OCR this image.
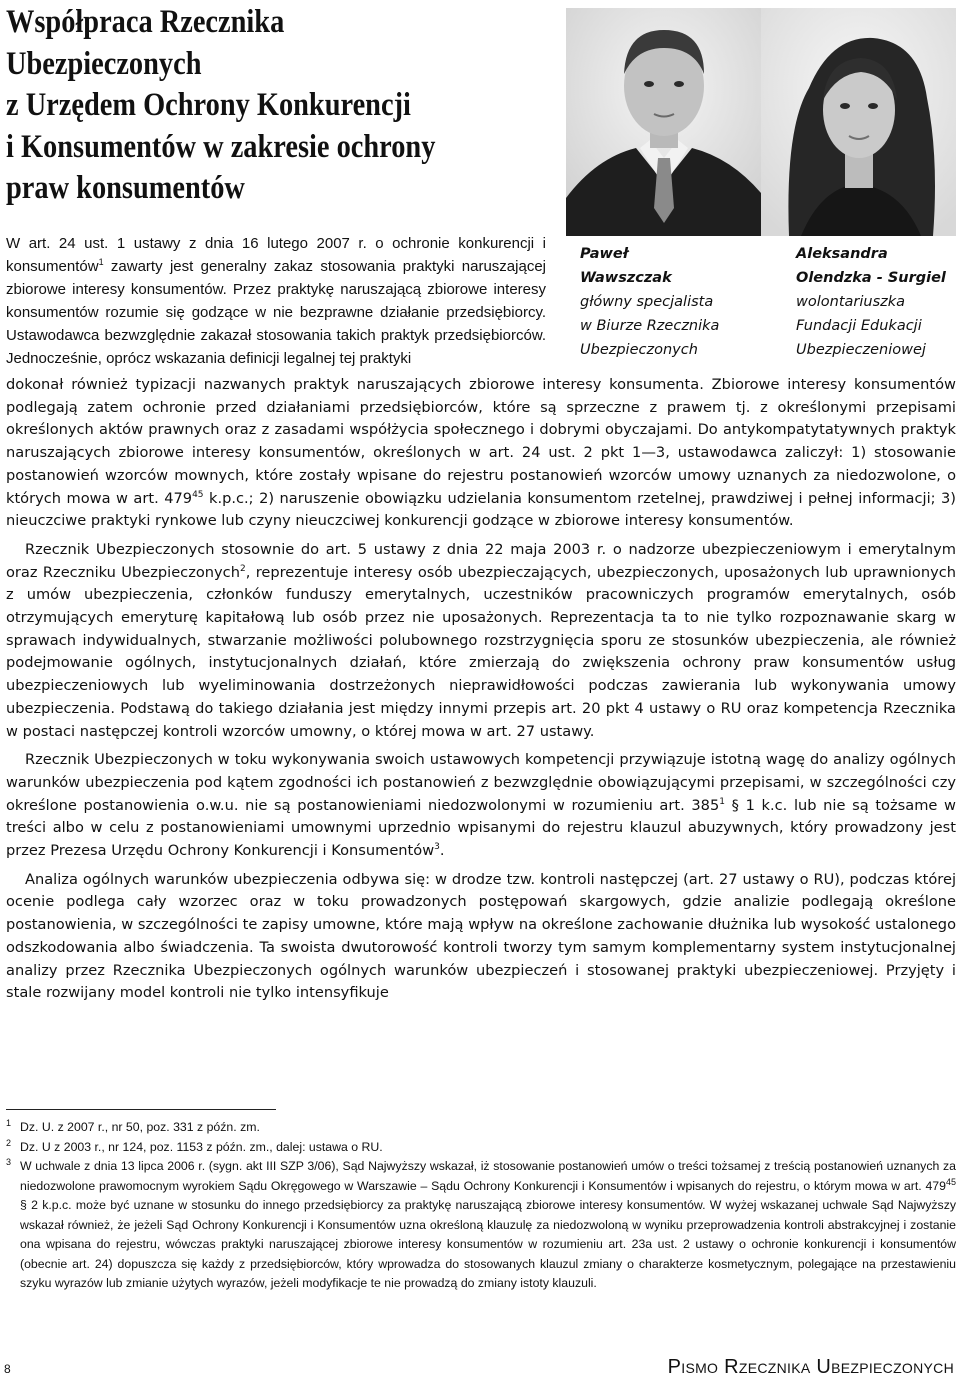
Współpraca Rzecznika
Ubezpieczonych
z Urzędem Ochrony Konkurencji
i Konsumentów w zakresie ochrony
praw konsumentów
Paweł
Wawszczak
główny specjalista
w Biurze Rzecznika
Ubezpieczonych
Aleksandra
Olendzka - Surgiel
wolontariuszka
Fundacji Edukacji
Ubezpieczeniowej

W art. 24 ust. 1 ustawy z dnia 16 lutego 2007 r. o ochronie konkurencji i konsumentów$^1$ zawarty jest generalny zakaz stosowania praktyki naruszającej zbiorowe interesy konsumentów. Przez praktykę naruszającą zbiorowe interesy konsumentów rozumie się godzące w nie bezprawne działanie przedsiębiorcy. Ustawodawca bezwzględnie zakazał stosowania takich praktyk przedsiębiorców. Jednocześnie, oprócz wskazania definicji legalnej tej praktyki

dokonał również typizacji nazwanych praktyk naruszających zbiorowe interesy konsumenta. Zbiorowe interesy konsumentów podlegają zatem ochronie przed działaniami przedsiębiorców, które są sprzeczne z prawem tj. z określonymi przepisami określonych aktów prawnych oraz z zasadami współżycia społecznego i dobrymi obyczajami. Do antykompatytatywnych praktyk naruszających zbiorowe interesy konsumentów, określonych w art. 24 ust. 2 pkt 1—3, ustawodawca zaliczył: 1) stosowanie postanowień wzorców mownych, które zostały wpisane do rejestru postanowień wzorców umowy uznanych za niedozwolone, o których mowa w art. $479^{45}$ k.p.c.; 2) naruszenie obowiązku udzielania konsumentom rzetelnej, prawdziwej i pełnej informacji; 3) nieuczciwe praktyki rynkowe lub czyny nieuczciwej konkurencji godzące w zbiorowe interesy konsumentów.

Rzecznik Ubezpieczonych stosownie do art. 5 ustawy z dnia 22 maja 2003 r. o nadzorze ubezpieczeniowym i emerytalnym oraz Rzeczniku Ubezpieczonych$^2$, reprezentuje interesy osób ubezpieczających, ubezpieczonych, uposażonych lub uprawnionych z umów ubezpieczenia, członków funduszy emerytalnych, uczestników pracowniczych programów emerytalnych, osób otrzymujących emeryturę kapitałową lub osób przez nie uposażonych. Reprezentacja ta to nie tylko rozpoznawanie skarg w sprawach indywidualnych, stwarzanie możliwości polubownego rozstrzygnięcia sporu ze stosunków ubezpieczenia, ale również podejmowanie ogólnych, instytucjonalnych działań, które zmierzają do zwiększenia ochrony praw konsumentów usług ubezpieczeniowych lub wyeliminowania dostrzeżonych nieprawidłowości podczas zawierania lub wykonywania umowy ubezpieczenia. Podstawą do takiego działania jest między innymi przepis art. 20 pkt 4 ustawy o RU oraz kompetencja Rzecznika w postaci następczej kontroli wzorców umowny, o której mowa w art. 27 ustawy.

Rzecznik Ubezpieczonych w toku wykonywania swoich ustawowych kompetencji przywiązuje istotną wagę do analizy ogólnych warunków ubezpieczenia pod kątem zgodności ich postanowień z bezwzględnie obowiązującymi przepisami, w szczególności czy określone postanowienia o.w.u. nie są postanowieniami niedozwolonymi w rozumieniu art. $385^1$ § 1 k.c. lub nie są tożsame w treści albo w celu z postanowieniami umownymi uprzednio wpisanymi do rejestru klauzul abuzywnych, który prowadzony jest przez Prezesa Urzędu Ochrony Konkurencji i Konsumentów$^3$.

Analiza ogólnych warunków ubezpieczenia odbywa się: w drodze tzw. kontroli następczej (art. 27 ustawy o RU), podczas której ocenie podlega cały wzorzec oraz w toku prowadzonych postępowań skargowych, gdzie analizie podlegają określone postanowienia, w szczególności te zapisy umowne, które mają wpływ na określone zachowanie dłużnika lub wysokość ustalonego odszkodowania albo świadczenia. Ta swoista dwutorowość kontroli tworzy tym samym komplementarny system instytucjonalnej analizy przez Rzecznika Ubezpieczonych ogólnych warunków ubezpieczeń i stosowanej praktyki ubezpieczeniowej. Przyjęty i stale rozwijany model kontroli nie tylko intensyfikuje

1 Dz. U. z 2007 r., nr 50, poz. 331 z późn. zm.
2 Dz. U z 2003 r., nr 124, poz. 1153 z późn. zm., dalej: ustawa o RU.
3 W uchwale z dnia 13 lipca 2006 r. (sygn. akt III SZP 3/06), Sąd Najwyższy wskazał, iż stosowanie postanowień umów o treści tożsamej z treścią postanowień uznanych za niedozwolone prawomocnym wyrokiem Sądu Okręgowego w Warszawie – Sądu Ochrony Konkurencji i Konsumentów i wpisanych do rejestru, o którym mowa w art. $479^{45}$ § 2 k.p.c. może być uznane w stosunku do innego przedsiębiorcy za praktykę naruszającą zbiorowe interesy konsumentów. W wyżej wskazanej uchwale Sąd Najwyższy wskazał również, że jeżeli Sąd Ochrony Konkurencji i Konsumentów uzna określoną klauzulę za niedozwoloną w wyniku przeprowadzenia kontroli abstrakcyjnej i zostanie ona wpisana do rejestru, wówczas praktyki naruszającej zbiorowe interesy konsumentów w rozumieniu art. 23a ust. 2 ustawy o ochronie konkurencji i konsumentów (obecnie art. 24) dopuszcza się każdy z przedsiębiorców, który wprowadza do stosowanych klauzul zmiany o charakterze kosmetycznym, polegające na przestawieniu szyku wyrazów lub zmianie użytych wyrazów, jeżeli modyfikacje te nie prowadzą do zmiany istoty klauzuli.
8	Pismo Rzecznika Ubezpieczonych
